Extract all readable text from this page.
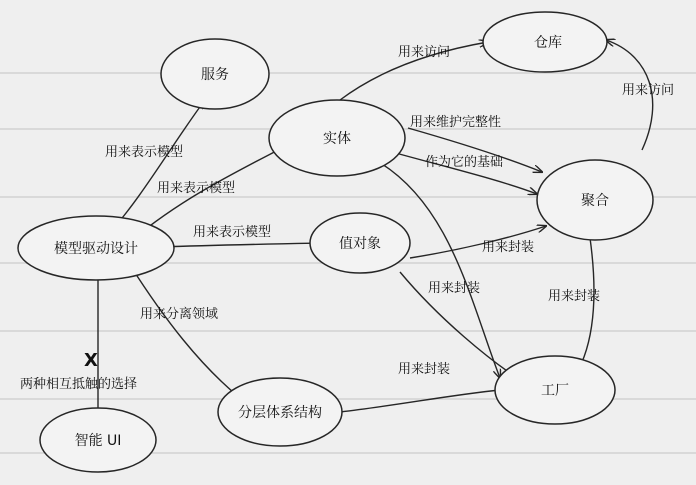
服务
仓库
实体
聚合
模型驱动设计	值对象
分层体系结构
工厂
智能 UI
用来表示模型
用来表示模型
用来表示模型
用来分离领域
X
两种相互抵触的选择
用来访问
用来维护完整性
作为它的基础
用来访问
用来封装
用来封装
用来封装
用来封装
